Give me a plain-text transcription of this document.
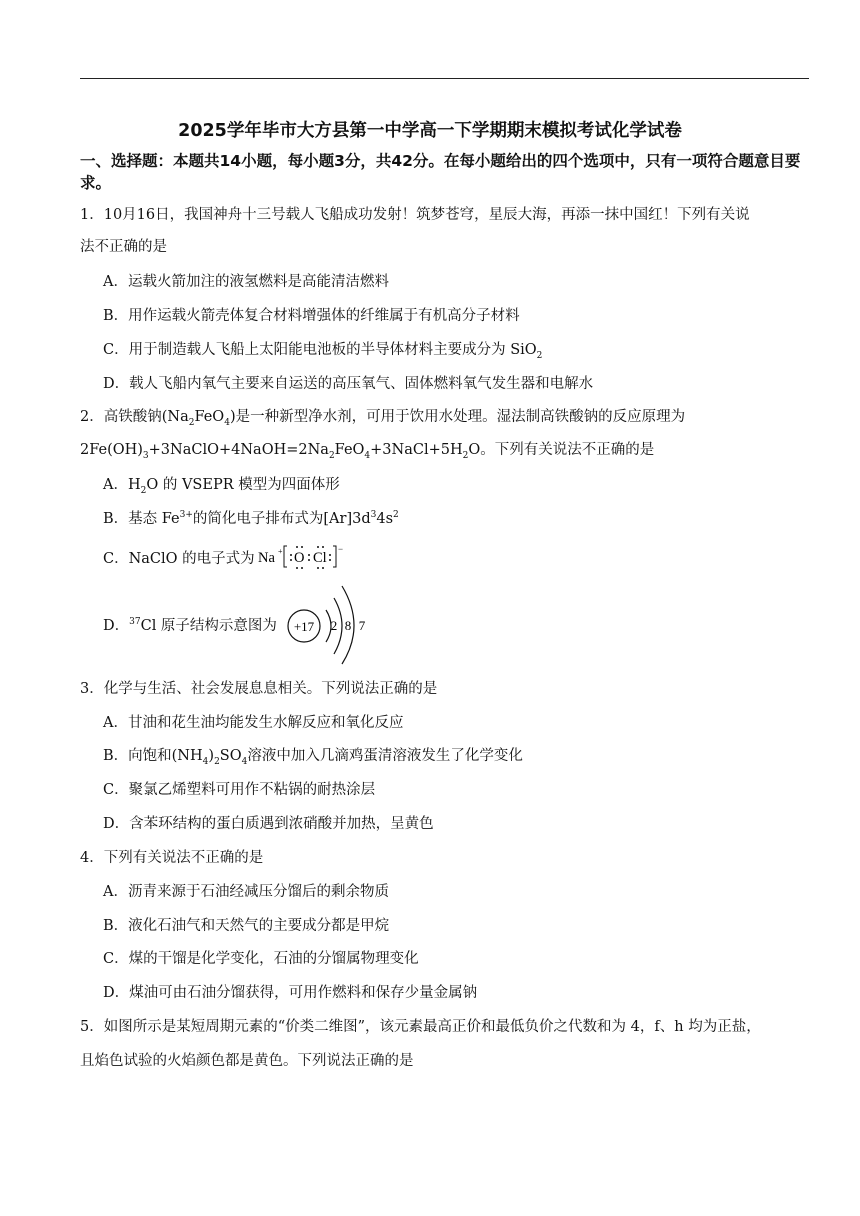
2025学年毕市大方县第一中学高一下学期期末模拟考试化学试卷
一、选择题：本题共14小题，每小题3分，共42分。在每小题给出的四个选项中，只有一项符合题意目要求。
1．10月16日，我国神舟十三号载人飞船成功发射！筑梦苍穹，星辰大海，再添一抹中国红！下列有关说
法不正确的是
A．运载火箭加注的液氢燃料是高能清洁燃料
B．用作运载火箭壳体复合材料增强体的纤维属于有机高分子材料
C．用于制造载人飞船上太阳能电池板的半导体材料主要成分为 SiO$_2$
D．载人飞船内氧气主要来自运送的高压氧气、固体燃料氧气发生器和电解水
2．高铁酸钠$(Na_2FeO_4)$是一种新型净水剂，可用于饮用水处理。湿法制高铁酸钠的反应原理为
$2Fe(OH)_3+3NaClO+4NaOH=2Na_2FeO_4+3NaCl+5H_2O$。下列有关说法不正确的是
A．$H_2O$ 的 VSEPR 模型为四面体形
B．基态 $Fe^{3+}$的简化电子排布式为$[Ar]3d^34s^2$
C．NaClO 的电子式为 Na + O Cl
−
D．$^{37}$Cl 原子结构示意图为 +17 2 8 7
3．化学与生活、社会发展息息相关。下列说法正确的是
A．甘油和花生油均能发生水解反应和氧化反应
B．向饱和$(NH_4)_2SO_4$溶液中加入几滴鸡蛋清溶液发生了化学变化
C．聚氯乙烯塑料可用作不粘锅的耐热涂层
D．含苯环结构的蛋白质遇到浓硝酸并加热，呈黄色
4．下列有关说法不正确的是
A．沥青来源于石油经减压分馏后的剩余物质
B．液化石油气和天然气的主要成分都是甲烷
C．煤的干馏是化学变化，石油的分馏属物理变化
D．煤油可由石油分馏获得，可用作燃料和保存少量金属钠
5．如图所示是某短周期元素的“价类二维图”，该元素最高正价和最低负价之代数和为 4，f、h 均为正盐，
且焰色试验的火焰颜色都是黄色。下列说法正确的是
